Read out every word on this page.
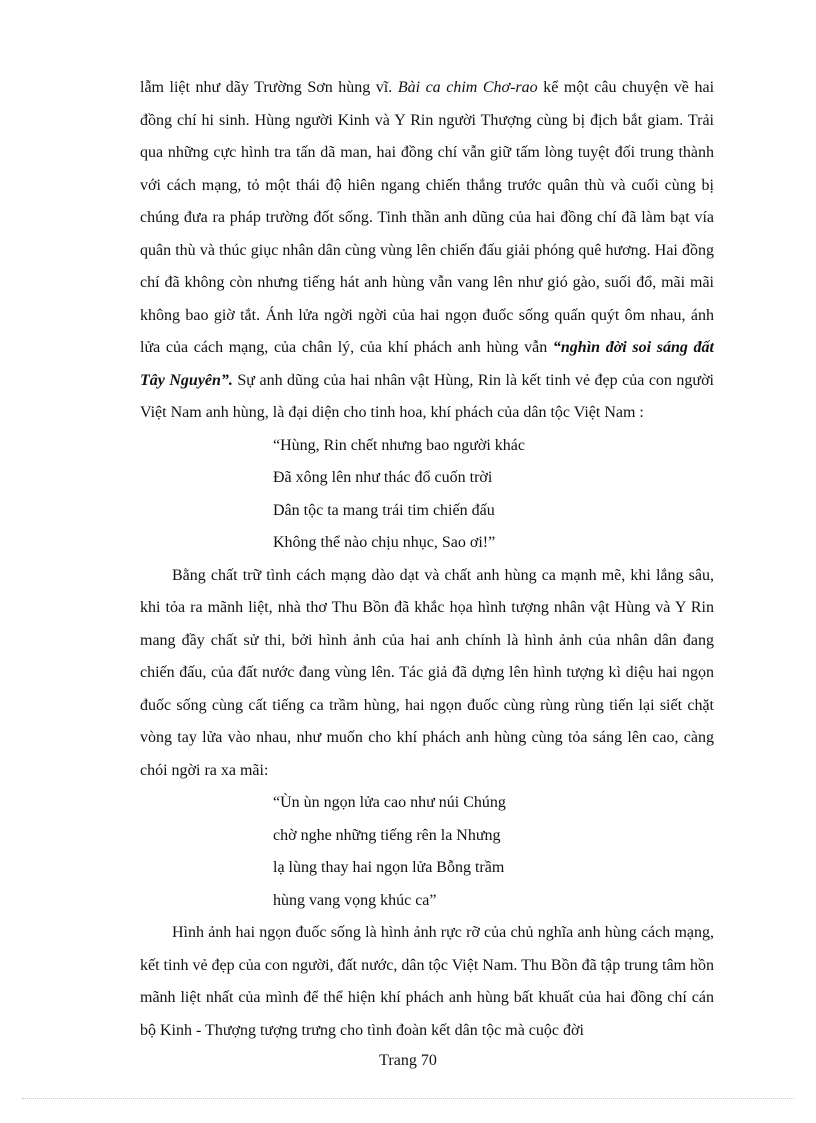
lẫm liệt như dãy Trường Sơn hùng vĩ. Bài ca chim Chơ-rao kể một câu chuyện về hai đồng chí hi sinh. Hùng người Kinh và Y Rin người Thượng cùng bị địch bắt giam. Trải qua những cực hình tra tấn dã man, hai đồng chí vẫn giữ tấm lòng tuyệt đối trung thành với cách mạng, tỏ một thái độ hiên ngang chiến thắng trước quân thù và cuối cùng bị chúng đưa ra pháp trường đốt sống. Tinh thần anh dũng của hai đồng chí đã làm bạt vía quân thù và thúc giục nhân dân cùng vùng lên chiến đấu giải phóng quê hương. Hai đồng chí đã không còn nhưng tiếng hát anh hùng vẫn vang lên như gió gào, suối đổ, mãi mãi không bao giờ tắt. Ánh lửa ngời ngời của hai ngọn đuốc sống quấn quýt ôm nhau, ánh lửa của cách mạng, của chân lý, của khí phách anh hùng vẫn “nghìn đời soi sáng đất Tây Nguyên”. Sự anh dũng của hai nhân vật Hùng, Rin là kết tinh vẻ đẹp của con người Việt Nam anh hùng, là đại diện cho tinh hoa, khí phách của dân tộc Việt Nam :

“Hùng, Rin chết nhưng bao người khác
Đã xông lên như thác đổ cuốn trời
Dân tộc ta mang trái tim chiến đấu
Không thể nào chịu nhục, Sao ơi!”

Bằng chất trữ tình cách mạng dào dạt và chất anh hùng ca mạnh mẽ, khi lắng sâu, khi tỏa ra mãnh liệt, nhà thơ Thu Bồn đã khắc họa hình tượng nhân vật Hùng và Y Rin mang đầy chất sử thi, bởi hình ảnh của hai anh chính là hình ảnh của nhân dân đang chiến đấu, của đất nước đang vùng lên. Tác giả đã dựng lên hình tượng kì diệu hai ngọn đuốc sống cùng cất tiếng ca trầm hùng, hai ngọn đuốc cùng rùng rùng tiến lại siết chặt vòng tay lửa vào nhau, như muốn cho khí phách anh hùng cùng tỏa sáng lên cao, càng chói ngời ra xa mãi:

“Ùn ùn ngọn lửa cao như núi Chúng
chờ nghe những tiếng rên la Nhưng
lạ lùng thay hai ngọn lửa Bỗng trầm
hùng vang vọng khúc ca”

Hình ảnh hai ngọn đuốc sống là hình ảnh rực rỡ của chủ nghĩa anh hùng cách mạng, kết tinh vẻ đẹp của con người, đất nước, dân tộc Việt Nam. Thu Bồn đã tập trung tâm hồn mãnh liệt nhất của mình để thể hiện khí phách anh hùng bất khuất của hai đồng chí cán bộ Kinh - Thượng tượng trưng cho tình đoàn kết dân tộc mà cuộc đời

Trang 70
